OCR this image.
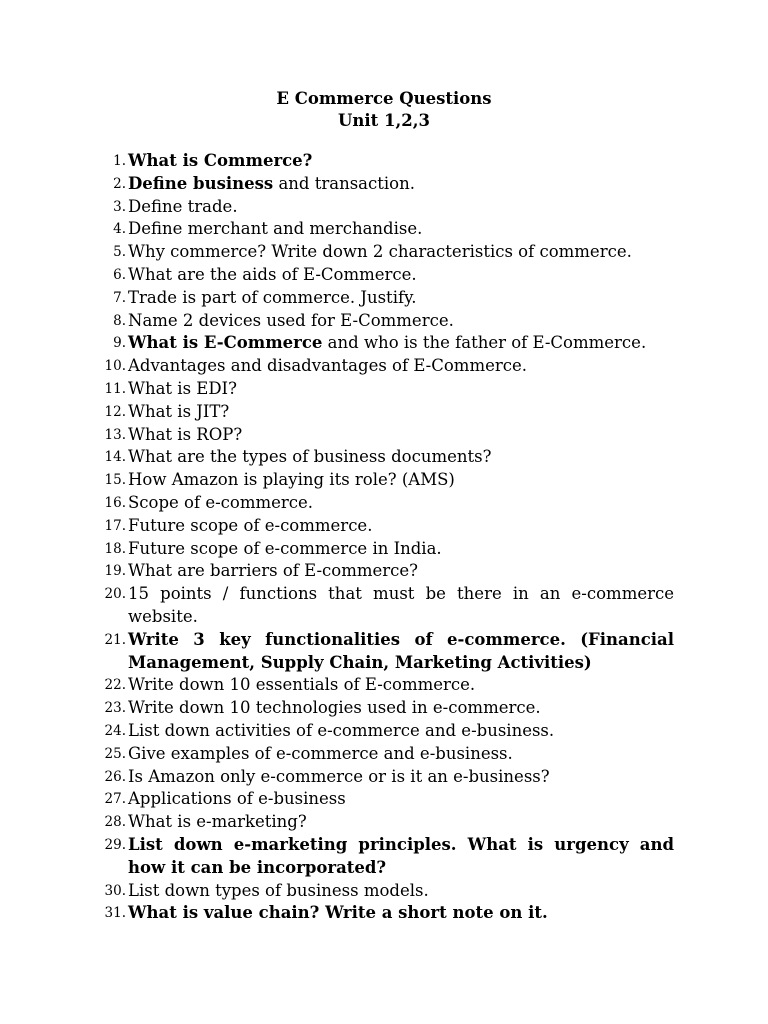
E Commerce Questions
Unit 1,2,3
1. What is Commerce?
2. Define business and transaction.
3. Define trade.
4. Define merchant and merchandise.
5. Why commerce? Write down 2 characteristics of commerce.
6. What are the aids of E-Commerce.
7. Trade is part of commerce. Justify.
8. Name 2 devices used for E-Commerce.
9. What is E-Commerce and who is the father of E-Commerce.
10. Advantages and disadvantages of E-Commerce.
11. What is EDI?
12. What is JIT?
13. What is ROP?
14. What are the types of business documents?
15. How Amazon is playing its role? (AMS)
16. Scope of e-commerce.
17. Future scope of e-commerce.
18. Future scope of e-commerce in India.
19. What are barriers of E-commerce?
20. 15 points / functions that must be there in an e-commerce website.
21. Write 3 key functionalities of e-commerce. (Financial Management, Supply Chain, Marketing Activities)
22. Write down 10 essentials of E-commerce.
23. Write down 10 technologies used in e-commerce.
24. List down activities of e-commerce and e-business.
25. Give examples of e-commerce and e-business.
26. Is Amazon only e-commerce or is it an e-business?
27. Applications of e-business
28. What is e-marketing?
29. List down e-marketing principles. What is urgency and how it can be incorporated?
30. List down types of business models.
31. What is value chain? Write a short note on it.
